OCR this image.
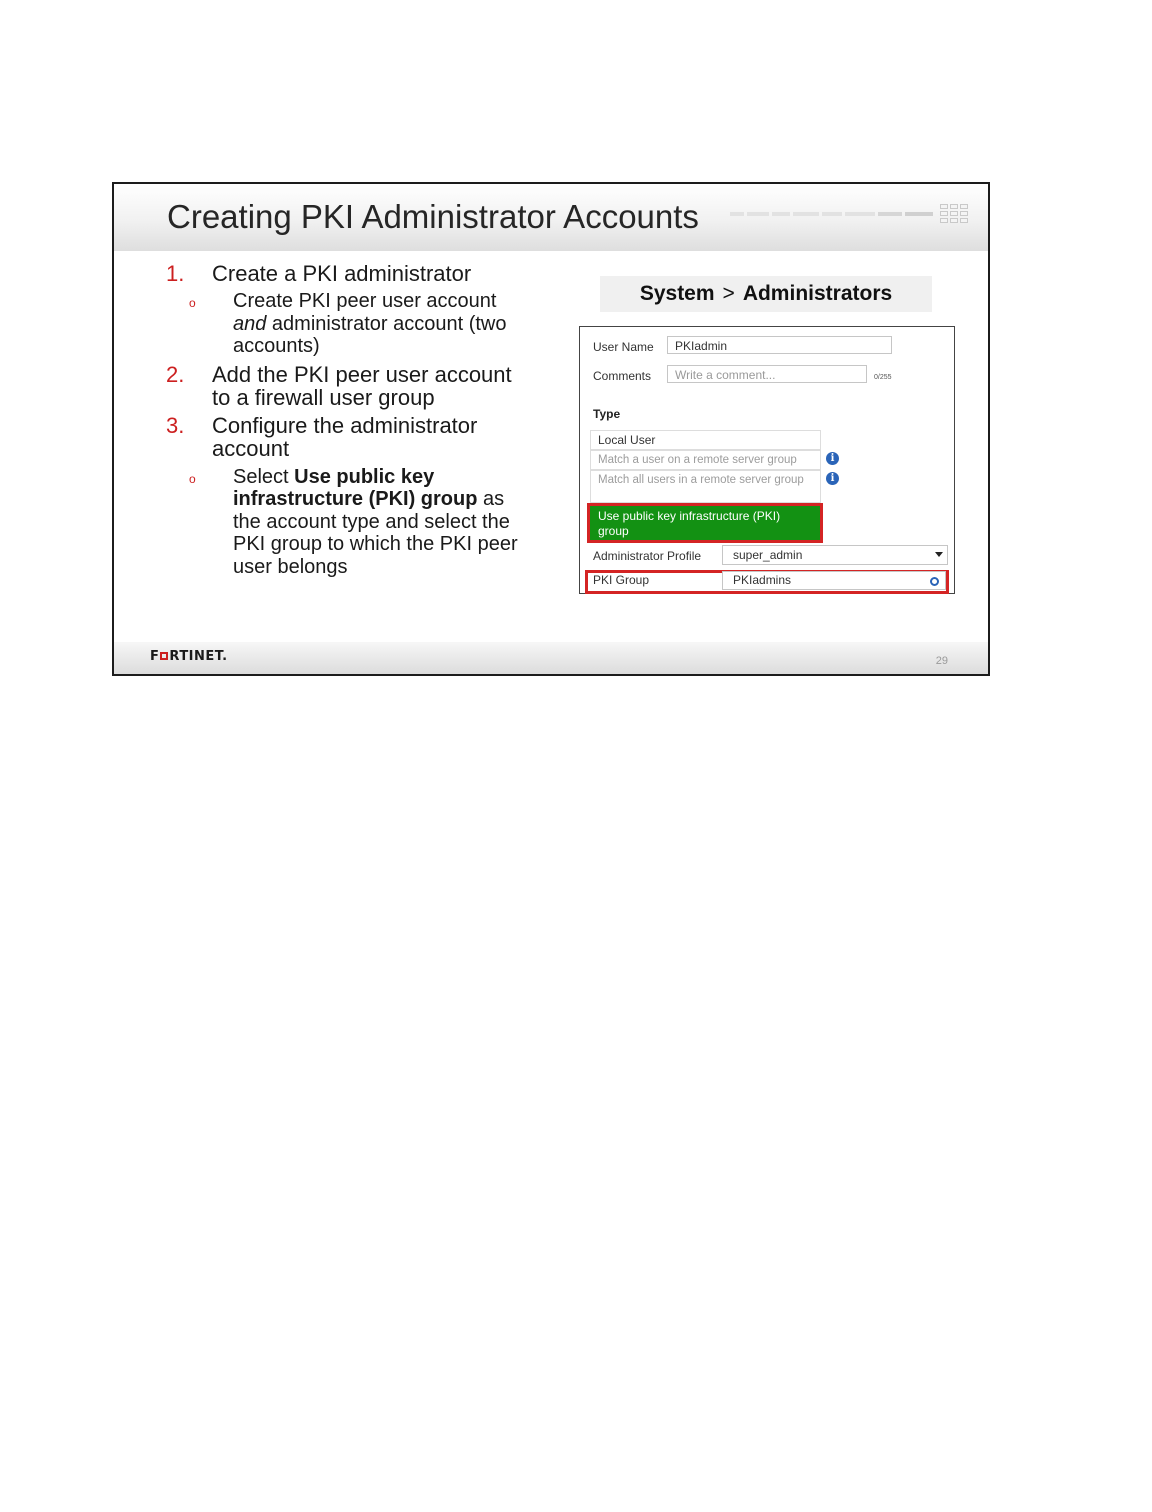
Creating PKI Administrator Accounts
1. Create a PKI administrator
o Create PKI peer user account and administrator account (two accounts)
2. Add the PKI peer user account to a firewall user group
3. Configure the administrator account
o Select Use public key infrastructure (PKI) group as the account type and select the PKI group to which the PKI peer user belongs
System > Administrators
User Name	PKIadmin
Comments	Write a comment...	0/255
Type
Local User
Match a user on a remote server group
Match all users in a remote server group
i
i
Use public key infrastructure (PKI) group
Administrator Profile	super_admin
PKI Group	PKIadmins
F RTINET.	29
